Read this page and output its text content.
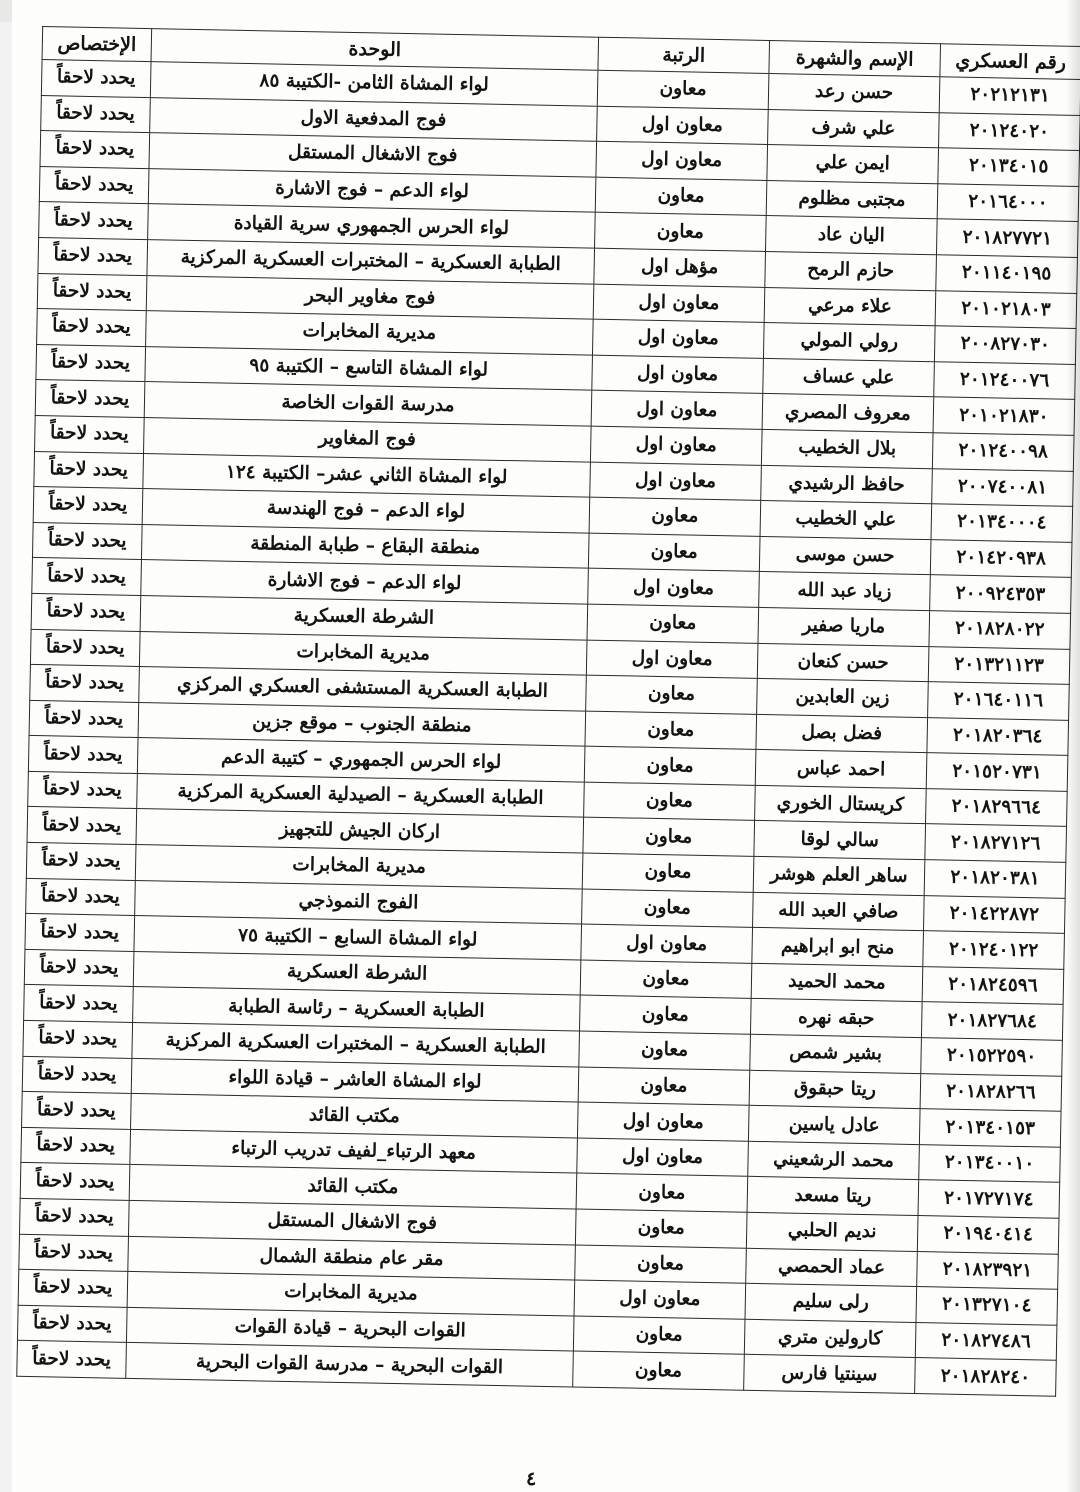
رقم العسكري	الإسم والشهرة	الرتبة	الوحدة	الإختصاص
٢٠٢١٢١٣١	حسن رعد	معاون	لواء المشاة الثامن -الكتيبة ٨٥	يحدد لاحقاً
٢٠١٢٤٠٢٠	علي شرف	معاون اول	فوج المدفعية الاول	يحدد لاحقاً
٢٠١٣٤٠١٥	ايمن علي	معاون اول	فوج الاشغال المستقل	يحدد لاحقاً
٢٠١٦٤٠٠٠	مجتبى مظلوم	معاون	لواء الدعم – فوج الاشارة	يحدد لاحقاً
٢٠١٨٢٧٧٢١	اليان عاد	معاون	لواء الحرس الجمهوري سرية القيادة	يحدد لاحقاً
٢٠١١٤٠١٩٥	حازم الرمح	مؤهل اول	الطبابة العسكرية – المختبرات العسكرية المركزية	يحدد لاحقاً
٢٠١٠٢١٨٠٣	علاء مرعي	معاون اول	فوج مغاوير البحر	يحدد لاحقاً
٢٠٠٨٢٧٠٣٠	رولي المولي	معاون اول	مديرية المخابرات	يحدد لاحقاً
٢٠١٢٤٠٠٧٦	علي عساف	معاون اول	لواء المشاة التاسع – الكتيبة ٩٥	يحدد لاحقاً
٢٠١٠٢١٨٣٠	معروف المصري	معاون اول	مدرسة القوات الخاصة	يحدد لاحقاً
٢٠١٢٤٠٠٩٨	بلال الخطيب	معاون اول	فوج المغاوير	يحدد لاحقاً
٢٠٠٧٤٠٠٨١	حافظ الرشيدي	معاون اول	لواء المشاة الثاني عشر– الكتيبة ١٢٤	يحدد لاحقاً
٢٠١٣٤٠٠٠٤	علي الخطيب	معاون	لواء الدعم – فوج الهندسة	يحدد لاحقاً
٢٠١٤٢٠٩٣٨	حسن موسى	معاون	منطقة البقاع – طبابة المنطقة	يحدد لاحقاً
٢٠٠٩٢٤٣٥٣	زياد عبد الله	معاون اول	لواء الدعم – فوج الاشارة	يحدد لاحقاً
٢٠١٨٢٨٠٢٢	ماريا صفير	معاون	الشرطة العسكرية	يحدد لاحقاً
٢٠١٣٢١١٢٣	حسن كنعان	معاون اول	مديرية المخابرات	يحدد لاحقاً
٢٠١٦٤٠١١٦	زين العابدين	معاون	الطبابة العسكرية المستشفى العسكري المركزي	يحدد لاحقاً
٢٠١٨٢٠٣٦٤	فضل بصل	معاون	منطقة الجنوب – موقع جزين	يحدد لاحقاً
٢٠١٥٢٠٧٣١	احمد عباس	معاون	لواء الحرس الجمهوري – كتيبة الدعم	يحدد لاحقاً
٢٠١٨٢٩٦٦٤	كريستال الخوري	معاون	الطبابة العسكرية – الصيدلية العسكرية المركزية	يحدد لاحقاً
٢٠١٨٢٧١٢٦	سالي لوقا	معاون	اركان الجيش للتجهيز	يحدد لاحقاً
٢٠١٨٢٠٣٨١	ساهر العلم هوشر	معاون	مديرية المخابرات	يحدد لاحقاً
٢٠١٤٢٢٨٧٢	صافي العبد الله	معاون	الفوج النموذجي	يحدد لاحقاً
٢٠١٢٤٠١٢٢	منح ابو ابراهيم	معاون اول	لواء المشاة السابع – الكتيبة ٧٥	يحدد لاحقاً
٢٠١٨٢٤٥٩٦	محمد الحميد	معاون	الشرطة العسكرية	يحدد لاحقاً
٢٠١٨٢٧٦٨٤	حبقه نهره	معاون	الطبابة العسكرية – رئاسة الطبابة	يحدد لاحقاً
٢٠١٥٢٢٥٩٠	بشير شمص	معاون	الطبابة العسكرية – المختبرات العسكرية المركزية	يحدد لاحقاً
٢٠١٨٢٨٢٦٦	ريتا حبقوق	معاون	لواء المشاة العاشر – قيادة اللواء	يحدد لاحقاً
٢٠١٣٤٠١٥٣	عادل ياسين	معاون اول	مكتب القائد	يحدد لاحقاً
٢٠١٣٤٠٠١٠	محمد الرشعيني	معاون اول	معهد الرتباء_لفيف تدريب الرتباء	يحدد لاحقاً
٢٠١٧٢٧١٧٤	ريتا مسعد	معاون	مكتب القائد	يحدد لاحقاً
٢٠١٩٤٠٤١٤	نديم الحلبي	معاون	فوج الاشغال المستقل	يحدد لاحقاً
٢٠١٨٢٣٩٢١	عماد الحمصي	معاون	مقر عام منطقة الشمال	يحدد لاحقاً
٢٠١٣٢٧١٠٤	رلى سليم	معاون اول	مديرية المخابرات	يحدد لاحقاً
٢٠١٨٢٧٤٨٦	كارولين متري	معاون	القوات البحرية – قيادة القوات	يحدد لاحقاً
٢٠١٨٢٨٢٤٠	سينتيا فارس	معاون	القوات البحرية – مدرسة القوات البحرية	يحدد لاحقاً
٤
